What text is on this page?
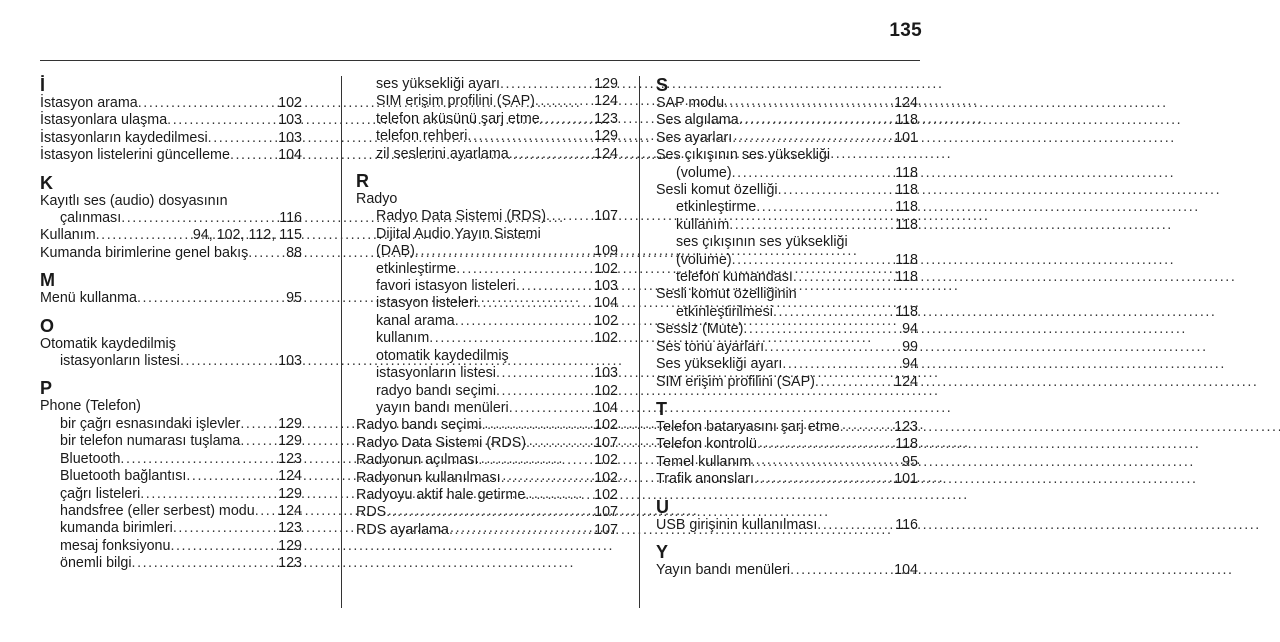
135
İ
İstasyon arama . . .	102
İstasyonlara ulaşma . . .	103
İstasyonların kaydedilmesi . . .	103
İstasyon listelerini güncelleme . . .	104
K
Kayıtlı ses (audio) dosyasının
çalınması . . .	116
Kullanım . . .	94, 102, 112, 115
Kumanda birimlerine genel bakış . . .	88
M
Menü kullanma . . .	95
O
Otomatik kaydedilmiş
istasyonların listesi . . .	103
P
Phone (Telefon)
bir çağrı esnasındaki işlevler . . .	129
bir telefon numarası tuşlama . . .	129
Bluetooth . . .	123
Bluetooth bağlantısı . . .	124
çağrı listeleri . . .	129
handsfree (eller serbest) modu . . . 124
kumanda birimleri . . .	123
mesaj fonksiyonu . . .	129
önemli bilgi . . .	123
ses yüksekliği ayarı . . .	129
SIM erişim profilini (SAP) . . .	124
telefon aküsünü şarj etme . . .	123
telefon rehberi . . .	129
zil seslerini ayarlama . . .	124
R
Radyo
Radyo Data Sistemi (RDS) . . .	107
Dijital Audio Yayın Sistemi
(DAB) . . .	109
etkinleştirme . . .	102
favori istasyon listeleri . . .	103
istasyon listeleri . . .	104
kanal arama . . .	102
kullanım . . .	102
otomatik kaydedilmiş
istasyonların listesi . . .	103
radyo bandı seçimi . . .	102
yayın bandı menüleri . . .	104
Radyo bandı seçimi . . .	102
Radyo Data Sistemi (RDS) . . .	107
Radyonun açılması . . .	102
Radyonun kullanılması . . .	102
Radyoyu aktif hale getirme . . .	102
RDS . . .	107
RDS ayarlama . . .	107
S
SAP modu . . .	124
Ses algılama . . .	118
Ses ayarları . . .	101
Ses çıkışının ses yüksekliği
(volume) . . .	118
Sesli komut özelliği . . .	118
etkinleştirme . . .	118
kullanım . . .	118
ses çıkışının ses yüksekliği
(volume) . . .	118
telefon kumandası . . .	118
Sesli komut özelliğinin
etkinleştirilmesi . . .	118
Sessiz (Mute) . . .	94
Ses tonu ayarları . . .	99
Ses yüksekliği ayarı . . .	94
SIM erişim profilini (SAP) . . .	124
T
Telefon bataryasını şarj etme . . .	123
Telefon kontrolü . . .	118
Temel kullanım . . .	95
Trafik anonsları . . .	101
U
USB girişinin kullanılması . . .	116
Y
Yayın bandı menüleri . . .	104
